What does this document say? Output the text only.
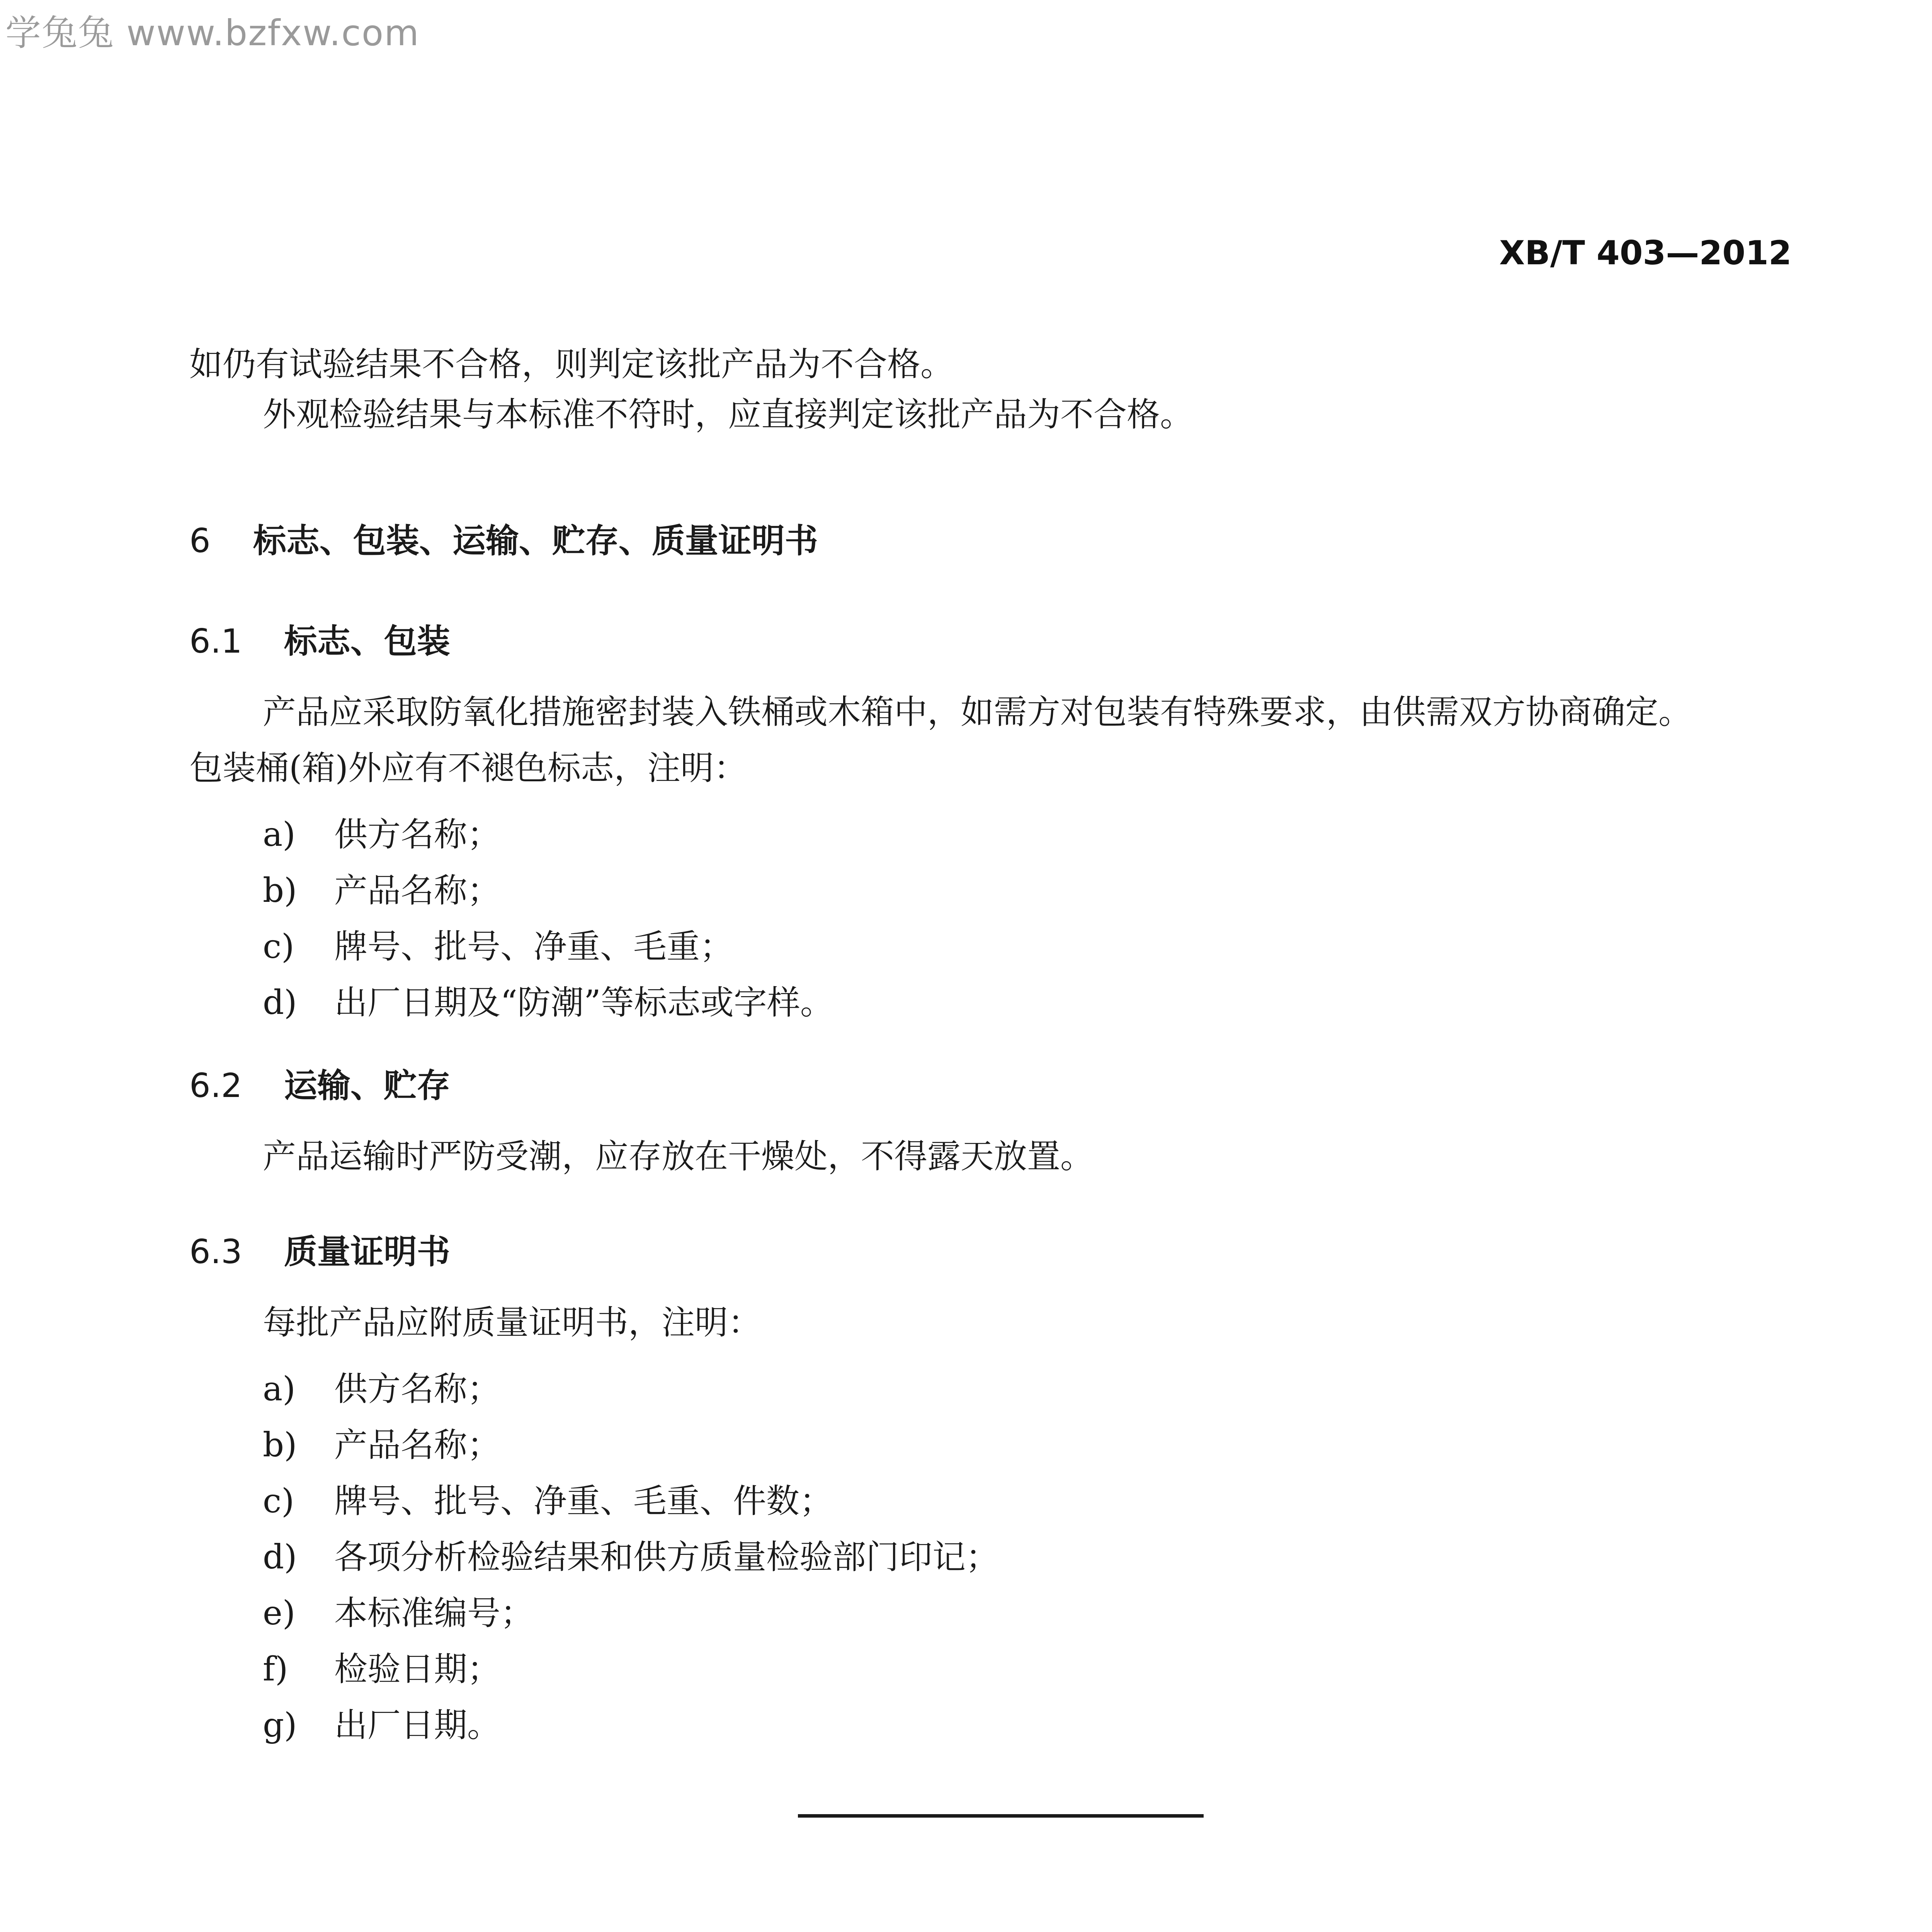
学兔兔 www.bzfxw.com
XB/T 403—2012
如仍有试验结果不合格，则判定该批产品为不合格。
外观检验结果与本标准不符时，应直接判定该批产品为不合格。
6 标志、包装、运输、贮存、质量证明书
6.1 标志、包装
产品应采取防氧化措施密封装入铁桶或木箱中，如需方对包装有特殊要求，由供需双方协商确定。
包装桶(箱)外应有不褪色标志，注明：
a) 供方名称；
b) 产品名称；
c) 牌号、批号、净重、毛重；
d) 出厂日期及“防潮”等标志或字样。
6.2 运输、贮存
产品运输时严防受潮，应存放在干燥处，不得露天放置。
6.3 质量证明书
每批产品应附质量证明书，注明：
a) 供方名称；
b) 产品名称；
c) 牌号、批号、净重、毛重、件数；
d) 各项分析检验结果和供方质量检验部门印记；
e) 本标准编号；
f) 检验日期；
g) 出厂日期。
